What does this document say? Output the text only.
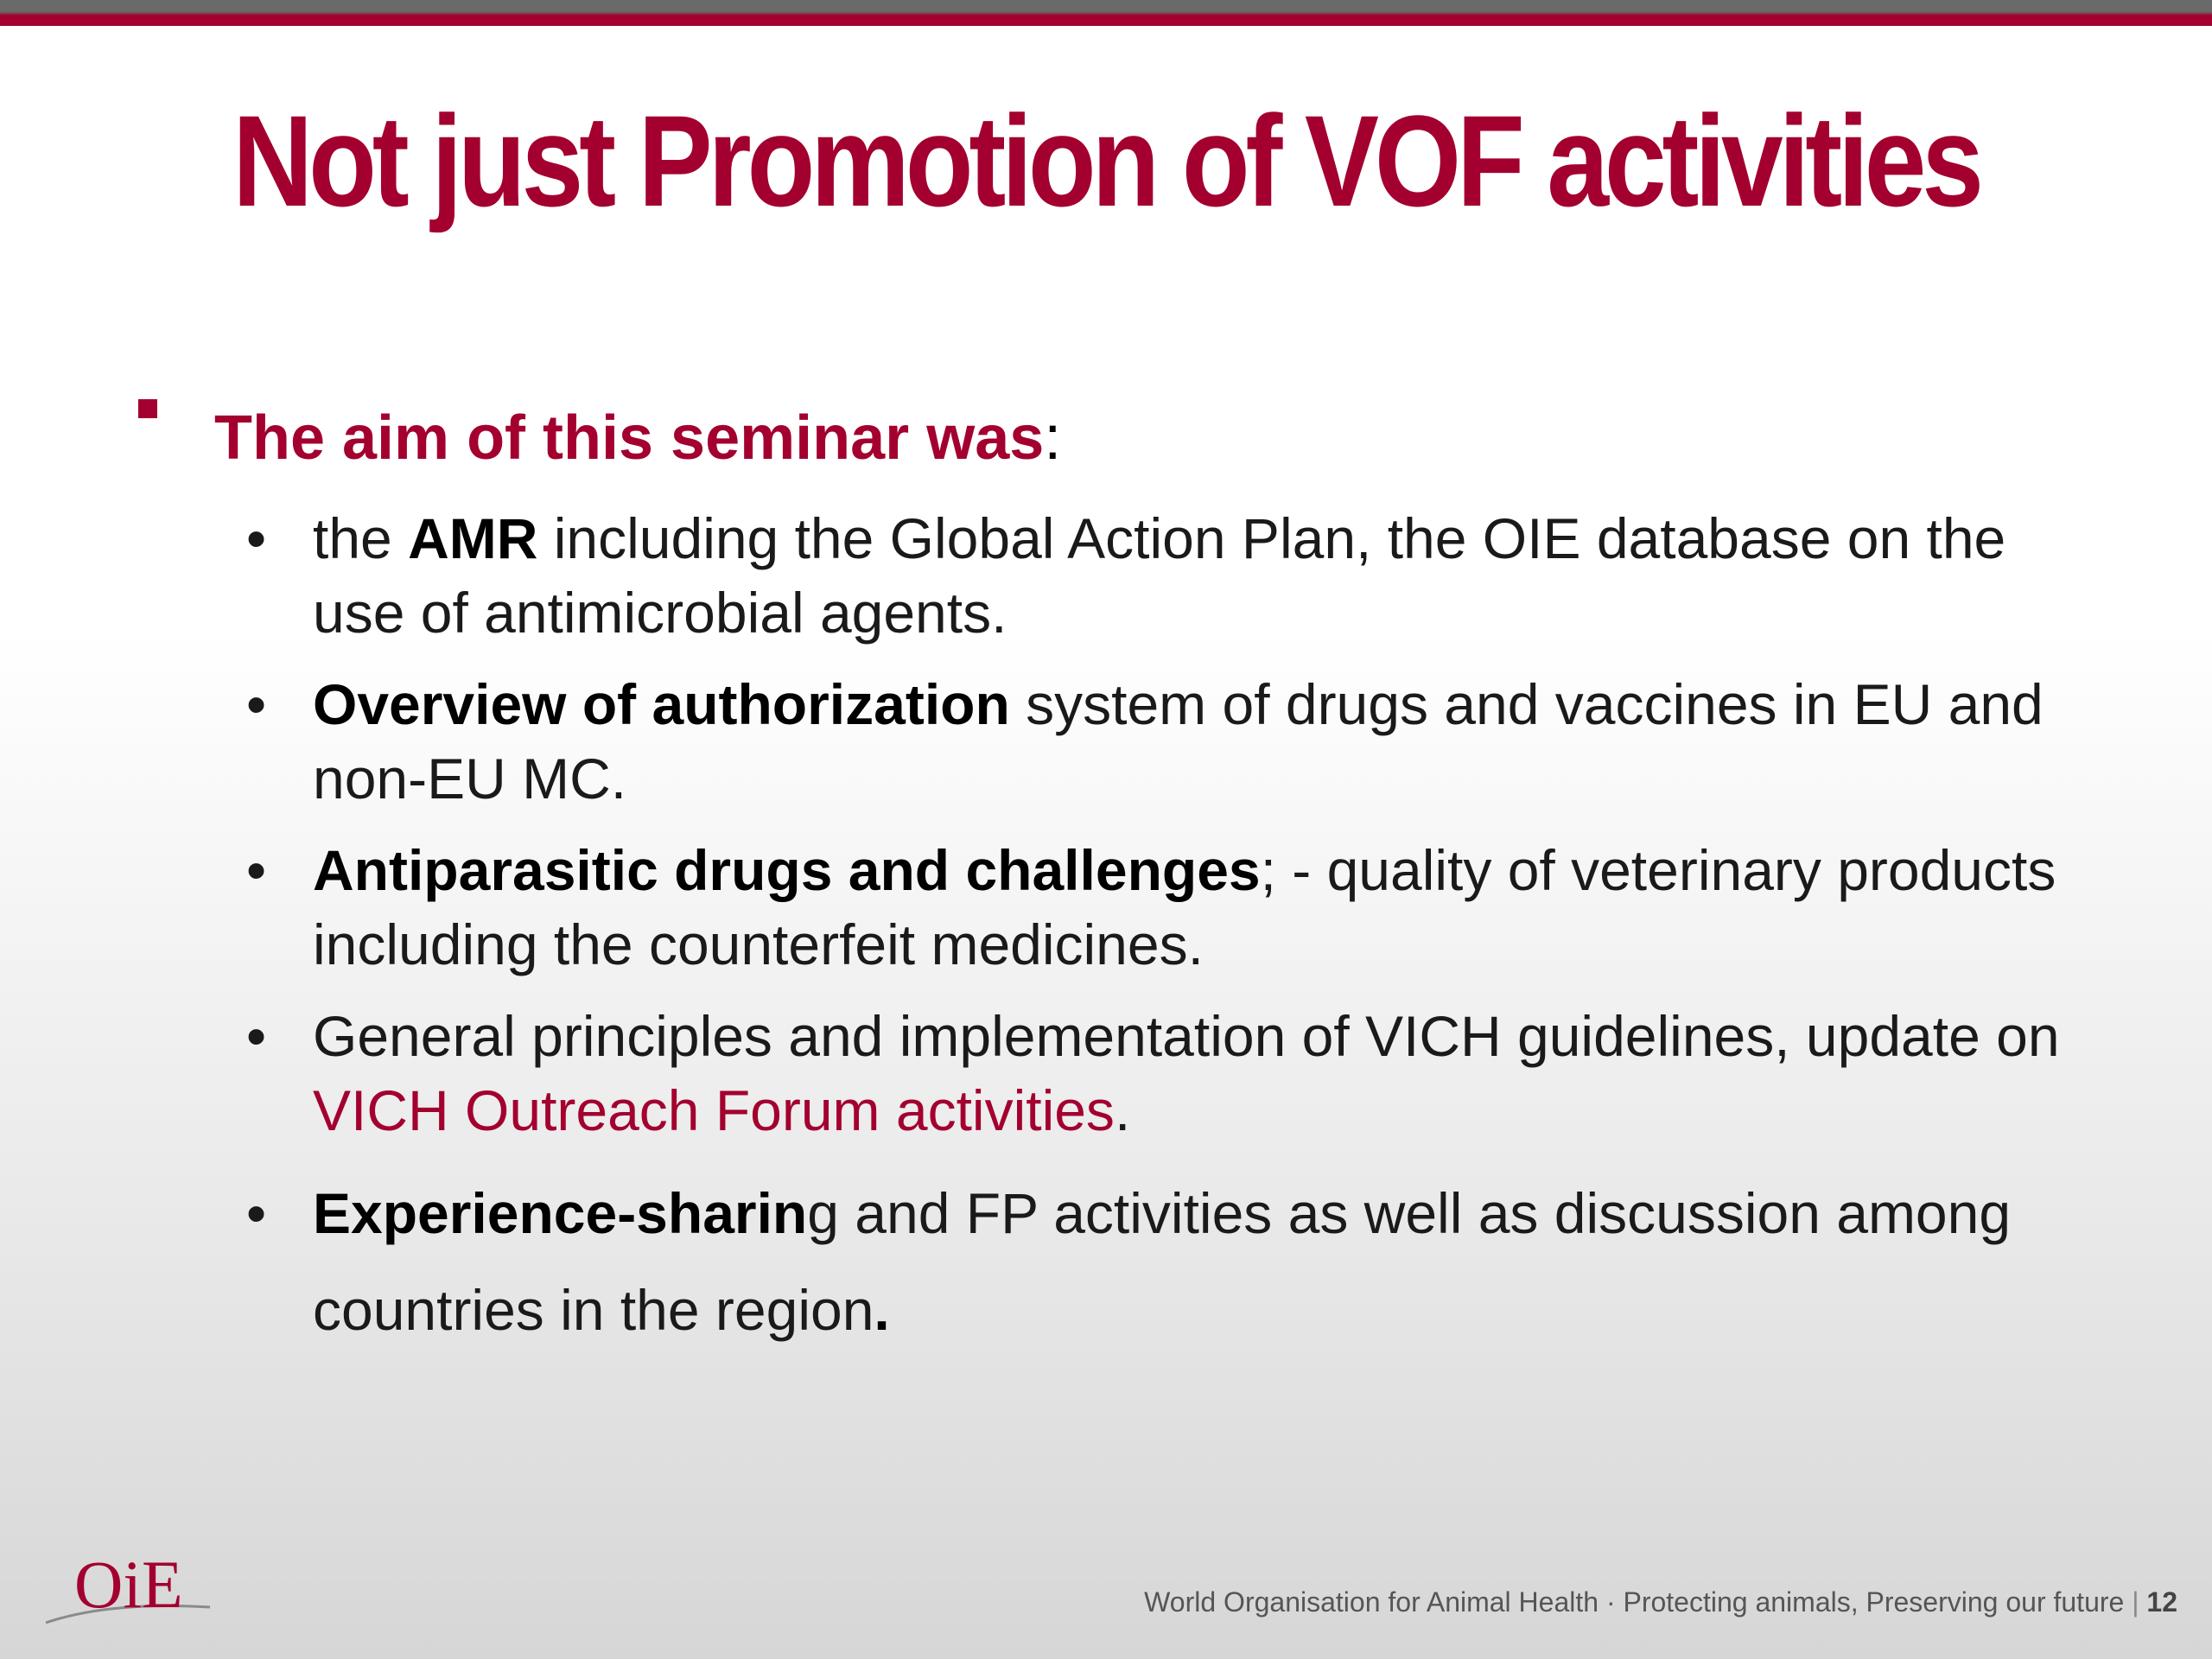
Not just Promotion of VOF activities
The aim of this seminar was:
• the AMR including the Global Action Plan, the OIE database on the use of antimicrobial agents.
• Overview of authorization system of drugs and vaccines in EU and non-EU MC.
• Antiparasitic drugs and challenges; - quality of veterinary products including the counterfeit medicines.
• General principles and implementation of VICH guidelines, update on VICH Outreach Forum activities.
• Experience-sharing and FP activities as well as discussion among countries in the region.
OiE	World Organisation for Animal Health · Protecting animals, Preserving our future | 12
